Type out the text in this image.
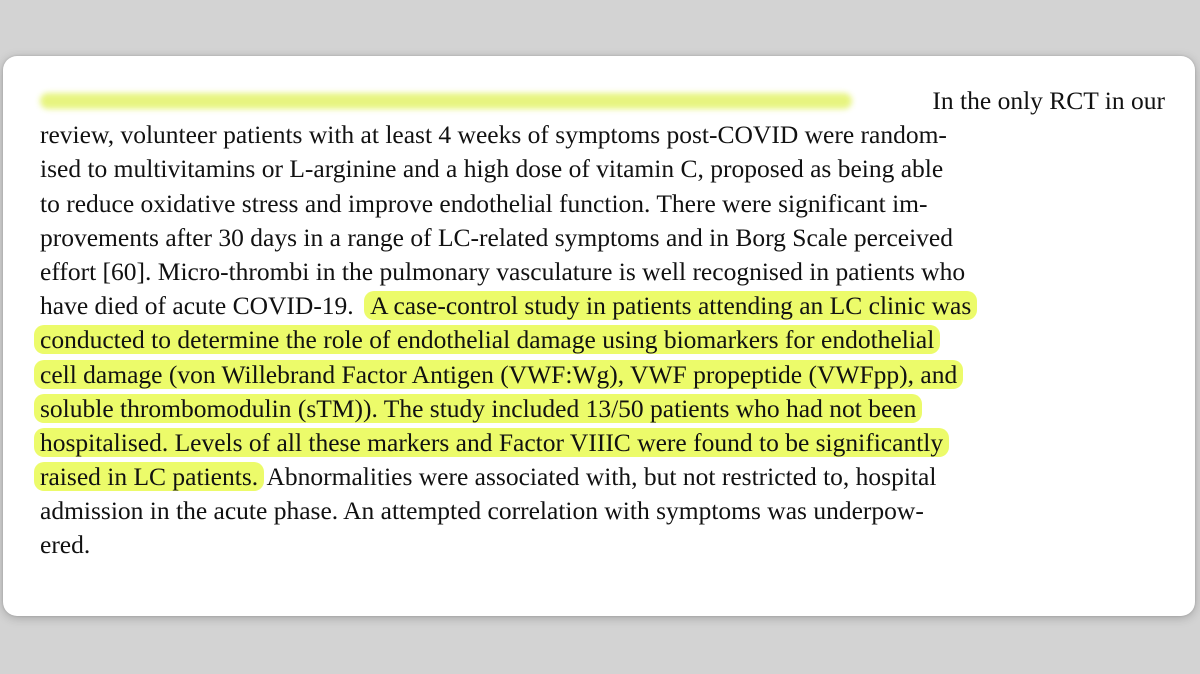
In the only RCT in our
review, volunteer patients with at least 4 weeks of symptoms post-COVID were random-
ised to multivitamins or L-arginine and a high dose of vitamin C, proposed as being able
to reduce oxidative stress and improve endothelial function. There were significant im-
provements after 30 days in a range of LC-related symptoms and in Borg Scale perceived
effort [60]. Micro-thrombi in the pulmonary vasculature is well recognised in patients who
have died of acute COVID-19. A case-control study in patients attending an LC clinic was
conducted to determine the role of endothelial damage using biomarkers for endothelial
cell damage (von Willebrand Factor Antigen (VWF:Wg), VWF propeptide (VWFpp), and
soluble thrombomodulin (sTM)). The study included 13/50 patients who had not been
hospitalised. Levels of all these markers and Factor VIIIC were found to be significantly
raised in LC patients. Abnormalities were associated with, but not restricted to, hospital
admission in the acute phase. An attempted correlation with symptoms was underpow-
ered.
